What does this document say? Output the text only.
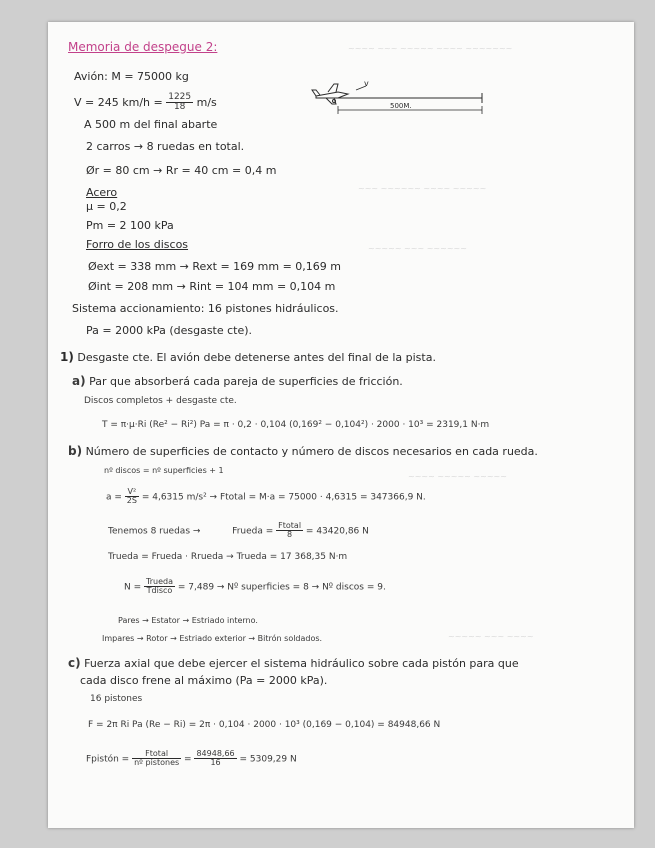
~~~~ ~~~ ~~~~~ ~~~~ ~~~~~~~
~~~ ~~~~~~ ~~~~ ~~~~~
~~~~~ ~~~ ~~~~~~
~~~~ ~~~~~ ~~~~~
~~~~~ ~~~ ~~~~
Memoria de despegue 2:
Avión: M = 75000 kg
V = 245 $km/h = \frac{1225}{18} m/s$
A 500 m del final abarte
2 carros → 8 ruedas en total.
Ør = 80 cm → Rr = 40 cm = 0,4 m
Acero
μ = 0,2
Pm = 2 100 kPa
Forro de los discos
Øext = 338 mm → Rext = 169 mm = 0,169 m
Øint = 208 mm → Rint = 104 mm = 0,104 m
Sistema accionamiento: 16 pistones hidráulicos.
Pa = 2000 kPa (desgaste cte).
v
500M.
1) Desgaste cte. El avión debe detenerse antes del final de la pista.
a) Par que absorberá cada pareja de superficies de fricción.
Discos completos + desgaste cte.
T = π·μ·Ri (Re² − Ri²) Pa = π · 0,2 · 0,104 (0,169² − 0,104²) · 2000 · 10³ = 2319,1 N·m
b) Número de superficies de contacto y número de discos necesarios en cada rueda.
nº discos = nº superficies + 1
$a = \frac{\text{V²}}{2S} = 4,6315$ m/s² → Ftotal = M·a = 75000 · 4,6315 = 347366,9 N.
Tenemos 8 ruedas →	Frueda = $\frac{\text{Ftotal}}{8} = 43420,86$ N
Trueda = Frueda · Rrueda → Trueda = 17 368,35 N·m
$N = \frac{\text{Trueda}}{\text{Tdisco}} = 7,489$ → Nº superficies = 8 → Nº discos = 9.
Pares → Estator → Estriado interno.
Impares → Rotor → Estriado exterior → Bitrón soldados.
c) Fuerza axial que debe ejercer el sistema hidráulico sobre cada pistón para que
cada disco frene al máximo (Pa = 2000 kPa).
16 pistones
F = 2π Ri Pa (Re − Ri) = 2π · 0,104 · 2000 · 10³ (0,169 − 0,104) = 84948,66 N
Fpistón = $\frac{\text{Ftotal}}{\text{nº pistones}} = \frac{84948,66}{16} = 5309,29$ N
